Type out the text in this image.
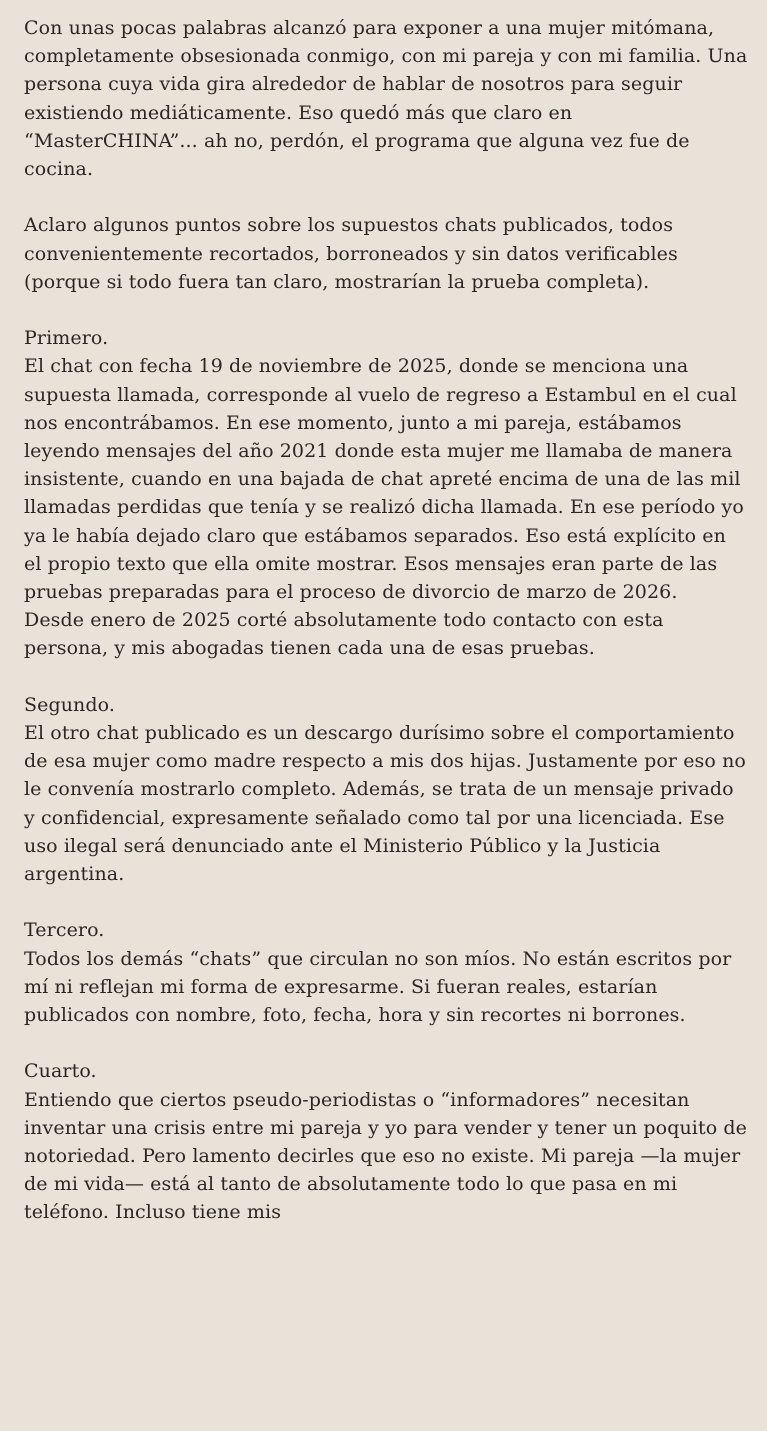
Con unas pocas palabras alcanzó para exponer a una mujer mitómana, completamente obsesionada conmigo, con mi pareja y con mi familia. Una persona cuya vida gira alrededor de hablar de nosotros para seguir existiendo mediáticamente. Eso quedó más que claro en “MasterCHINA”... ah no, perdón, el programa que alguna vez fue de cocina.

Aclaro algunos puntos sobre los supuestos chats publicados, todos convenientemente recortados, borroneados y sin datos verificables (porque si todo fuera tan claro, mostrarían la prueba completa).

Primero.

El chat con fecha 19 de noviembre de 2025, donde se menciona una supuesta llamada, corresponde al vuelo de regreso a Estambul en el cual nos encontrábamos. En ese momento, junto a mi pareja, estábamos leyendo mensajes del año 2021 donde esta mujer me llamaba de manera insistente, cuando en una bajada de chat apreté encima de una de las mil llamadas perdidas que tenía y se realizó dicha llamada. En ese período yo ya le había dejado claro que estábamos separados. Eso está explícito en el propio texto que ella omite mostrar. Esos mensajes eran parte de las pruebas preparadas para el proceso de divorcio de marzo de 2026.

Desde enero de 2025 corté absolutamente todo contacto con esta persona, y mis abogadas tienen cada una de esas pruebas.

Segundo.

El otro chat publicado es un descargo durísimo sobre el comportamiento de esa mujer como madre respecto a mis dos hijas. Justamente por eso no le convenía mostrarlo completo. Además, se trata de un mensaje privado y confidencial, expresamente señalado como tal por una licenciada. Ese uso ilegal será denunciado ante el Ministerio Público y la Justicia argentina.

Tercero.

Todos los demás “chats” que circulan no son míos. No están escritos por mí ni reflejan mi forma de expresarme. Si fueran reales, estarían publicados con nombre, foto, fecha, hora y sin recortes ni borrones.

Cuarto.

Entiendo que ciertos pseudo-periodistas o “informadores” necesitan inventar una crisis entre mi pareja y yo para vender y tener un poquito de notoriedad. Pero lamento decirles que eso no existe. Mi pareja —la mujer de mi vida— está al tanto de absolutamente todo lo que pasa en mi teléfono. Incluso tiene mis
